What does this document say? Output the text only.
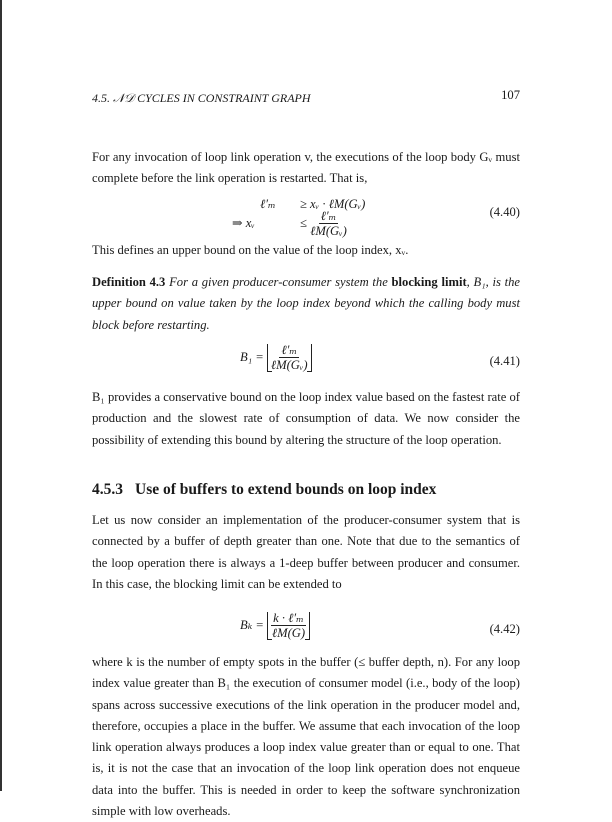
4.5. 𝒩𝒟 CYCLES IN CONSTRAINT GRAPH	107
For any invocation of loop link operation v, the executions of the loop body Gᵥ must complete before the link operation is restarted. That is,
ℓ′ₘ ≥ xᵥ · ℓM(Gᵥ)
⇒ xᵥ	≤ $\frac{\text{ℓ′ₘ}}{\text{ℓM(Gᵥ)}}$	(4.40)
This defines an upper bound on the value of the loop index, xᵥ.
Definition 4.3 For a given producer-consumer system the blocking limit, B₁, is the upper bound on value taken by the loop index beyond which the calling body must block before restarting.
$B_1 = \frac{\text{ℓ′ₘ}}{\text{ℓM(Gᵥ)}}$	(4.41)
B₁ provides a conservative bound on the loop index value based on the fastest rate of production and the slowest rate of consumption of data. We now consider the possibility of extending this bound by altering the structure of the loop operation.
4.5.3 Use of buffers to extend bounds on loop index
Let us now consider an implementation of the producer-consumer system that is connected by a buffer of depth greater than one. Note that due to the semantics of the loop operation there is always a 1-deep buffer between producer and consumer. In this case, the blocking limit can be extended to
$B_k = \frac{\text{k · ℓ′ₘ}}{\text{ℓM(G)}}$	(4.42)
where k is the number of empty spots in the buffer (≤ buffer depth, n). For any loop index value greater than B₁ the execution of consumer model (i.e., body of the loop) spans across successive executions of the link operation in the producer model and, therefore, occupies a place in the buffer. We assume that each invocation of the loop link operation always produces a loop index value greater than or equal to one. That is, it is not the case that an invocation of the loop link operation does not enqueue data into the buffer. This is needed in order to keep the software synchronization simple with low overheads.
